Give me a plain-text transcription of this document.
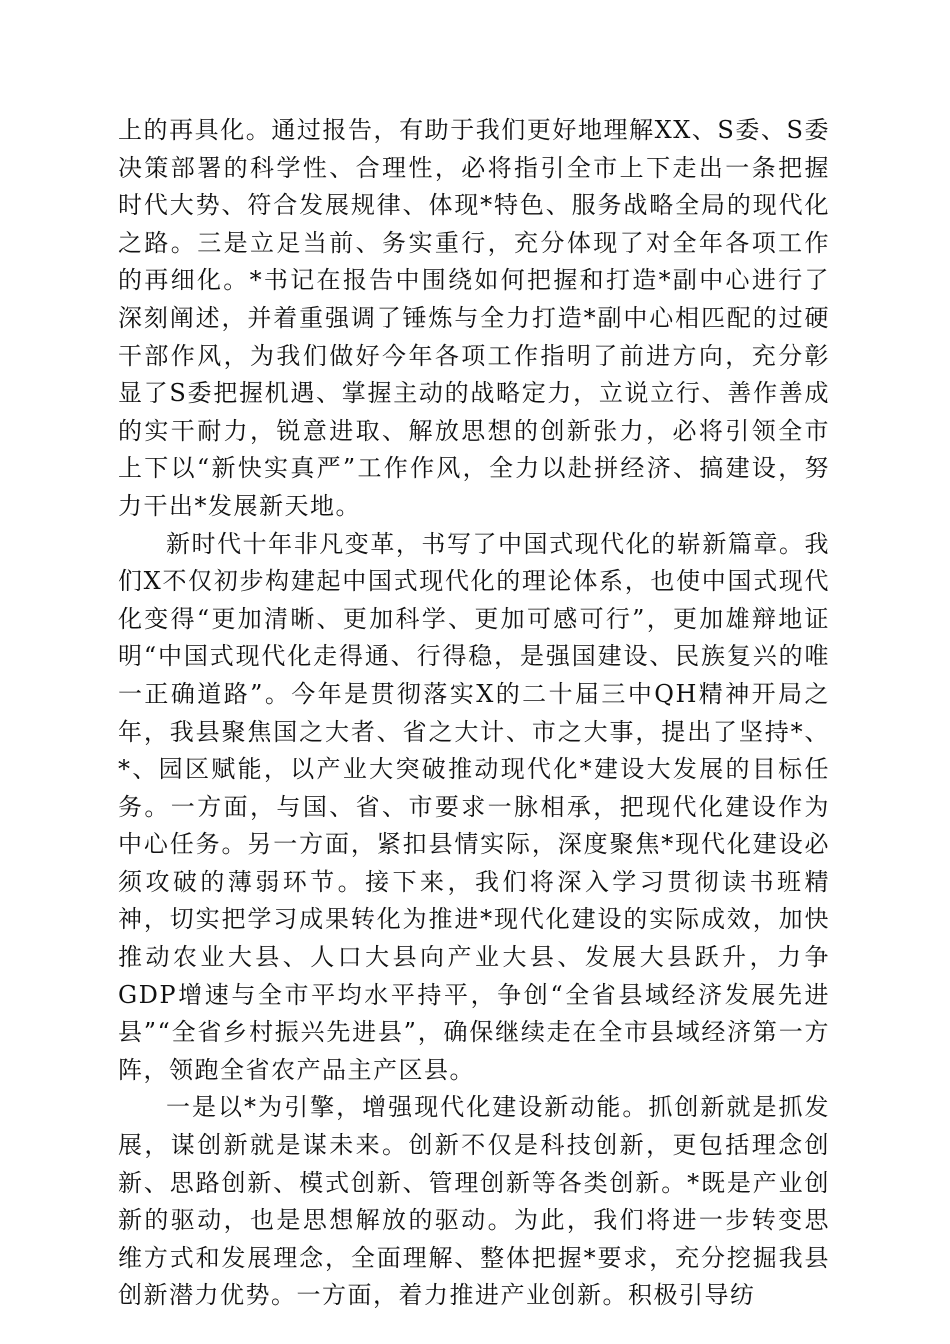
上的再具化。通过报告，有助于我们更好地理解XX、S委、S委决策部署的科学性、合理性，必将指引全市上下走出一条把握时代大势、符合发展规律、体现*特色、服务战略全局的现代化之路。三是立足当前、务实重行，充分体现了对全年各项工作的再细化。*书记在报告中围绕如何把握和打造*副中心进行了深刻阐述，并着重强调了锤炼与全力打造*副中心相匹配的过硬干部作风，为我们做好今年各项工作指明了前进方向，充分彰显了S委把握机遇、掌握主动的战略定力，立说立行、善作善成的实干耐力，锐意进取、解放思想的创新张力，必将引领全市上下以“新快实真严”工作作风，全力以赴拼经济、搞建设，努力干出*发展新天地。

新时代十年非凡变革，书写了中国式现代化的崭新篇章。我们X不仅初步构建起中国式现代化的理论体系，也使中国式现代化变得“更加清晰、更加科学、更加可感可行”，更加雄辩地证明“中国式现代化走得通、行得稳，是强国建设、民族复兴的唯一正确道路”。今年是贯彻落实X的二十届三中QH精神开局之年，我县聚焦国之大者、省之大计、市之大事，提出了坚持*、*、园区赋能，以产业大突破推动现代化*建设大发展的目标任务。一方面，与国、省、市要求一脉相承，把现代化建设作为中心任务。另一方面，紧扣县情实际，深度聚焦*现代化建设必须攻破的薄弱环节。接下来，我们将深入学习贯彻读书班精神，切实把学习成果转化为推进*现代化建设的实际成效，加快推动农业大县、人口大县向产业大县、发展大县跃升，力争GDP增速与全市平均水平持平，争创“全省县域经济发展先进县”“全省乡村振兴先进县”，确保继续走在全市县域经济第一方阵，领跑全省农产品主产区县。

一是以*为引擎，增强现代化建设新动能。抓创新就是抓发展，谋创新就是谋未来。创新不仅是科技创新，更包括理念创新、思路创新、模式创新、管理创新等各类创新。*既是产业创新的驱动，也是思想解放的驱动。为此，我们将进一步转变思维方式和发展理念，全面理解、整体把握*要求，充分挖掘我县创新潜力优势。一方面，着力推进产业创新。积极引导纺
